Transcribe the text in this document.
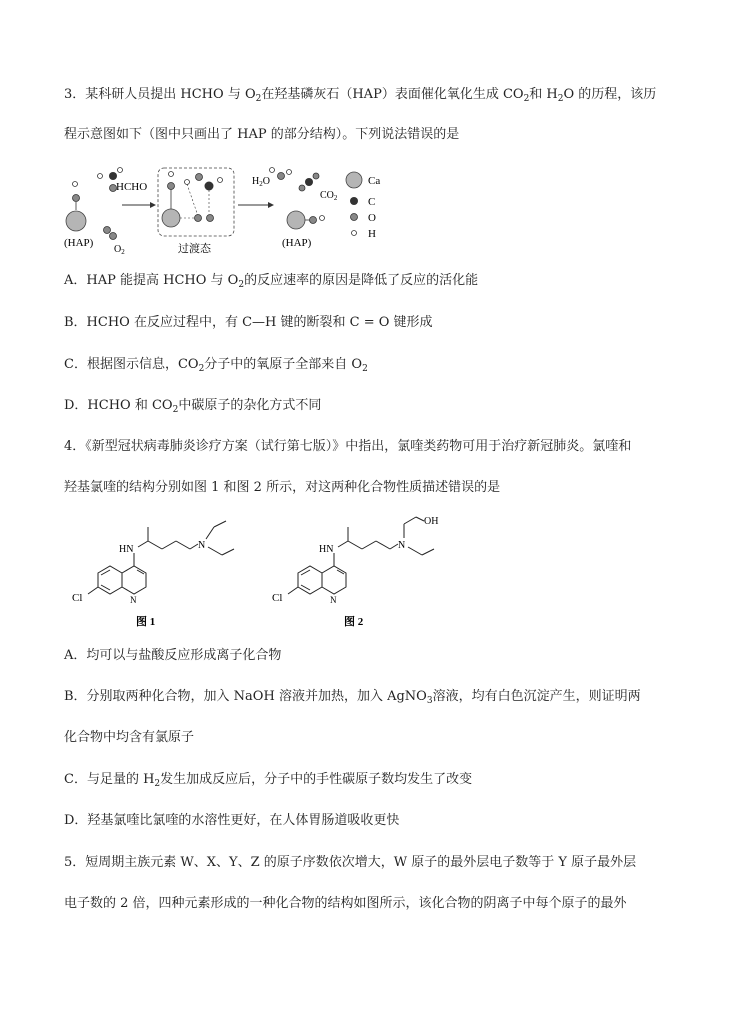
3．某科研人员提出 HCHO 与 $O_2$在羟基磷灰石（HAP）表面催化氧化生成 $CO_2$和 $H_2O$ 的历程，该历
程示意图如下（图中只画出了 HAP 的部分结构）。下列说法错误的是
(HAP)
HCHO
$O_2$	过渡态
$H_2O$
$CO_2$
(HAP)
Ca
C
O
H
A．HAP 能提高 HCHO 与 $O_2$的反应速率的原因是降低了反应的活化能
B．HCHO 在反应过程中，有 C—H 键的断裂和 C = O 键形成
C．根据图示信息，$CO_2$分子中的氧原子全部来自 $O_2$
D．HCHO 和 $CO_2$中碳原子的杂化方式不同
4．《新型冠状病毒肺炎诊疗方案（试行第七版）》中指出，氯喹类药物可用于治疗新冠肺炎。氯喹和
羟基氯喹的结构分别如图 1 和图 2 所示，对这两种化合物性质描述错误的是
HN	N
N
Cl
图 1
HN	N
OH
N
Cl
图 2
A．均可以与盐酸反应形成离子化合物
B．分别取两种化合物，加入 NaOH 溶液并加热，加入 AgNO$_3$溶液，均有白色沉淀产生，则证明两
化合物中均含有氯原子
C．与足量的 $H_2$发生加成反应后，分子中的手性碳原子数均发生了改变
D．羟基氯喹比氯喹的水溶性更好，在人体胃肠道吸收更快
5．短周期主族元素 W、X、Y、Z 的原子序数依次增大，W 原子的最外层电子数等于 Y 原子最外层
电子数的 2 倍，四种元素形成的一种化合物的结构如图所示，该化合物的阴离子中每个原子的最外
